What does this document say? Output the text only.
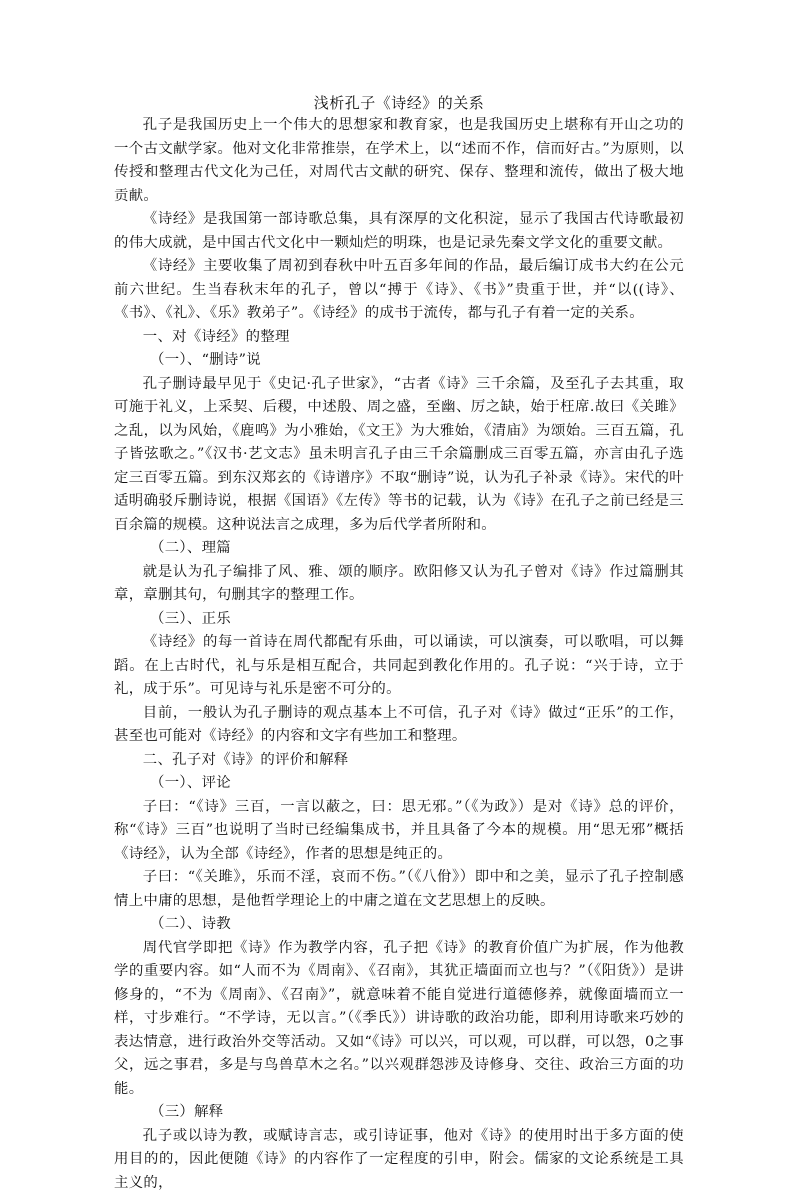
浅析孔子《诗经》的关系

孔子是我国历史上一个伟大的思想家和教育家，也是我国历史上堪称有开山之功的一个古文献学家。他对文化非常推崇，在学术上，以“述而不作，信而好古。”为原则，以传授和整理古代文化为己任，对周代古文献的研究、保存、整理和流传，做出了极大地贡献。

《诗经》是我国第一部诗歌总集，具有深厚的文化积淀，显示了我国古代诗歌最初的伟大成就，是中国古代文化中一颗灿烂的明珠，也是记录先秦文学文化的重要文献。

《诗经》主要收集了周初到春秋中叶五百多年间的作品，最后编订成书大约在公元前六世纪。生当春秋末年的孔子，曾以“搏于《诗》、《书》”贵重于世，并“以((诗》、《书》、《礼》、《乐》教弟子”。《诗经》的成书于流传，都与孔子有着一定的关系。

一、对《诗经》的整理

（一）、“删诗”说

孔子删诗最早见于《史记·孔子世家》，“古者《诗》三千余篇，及至孔子去其重，取可施于礼义，上采契、后稷，中述殷、周之盛，至幽、厉之缺，始于枉席.故曰《关雎》之乱，以为风始，《鹿鸣》为小雅始，《文王》为大雅始，《清庙》为颂始。三百五篇，孔子皆弦歌之。”《汉书·艺文志》虽未明言孔子由三千余篇删成三百零五篇，亦言由孔子选定三百零五篇。到东汉郑玄的《诗谱序》不取“删诗”说，认为孔子补录《诗》。宋代的叶适明确驳斥删诗说，根据《国语》《左传》等书的记载，认为《诗》在孔子之前已经是三百余篇的规模。这种说法言之成理，多为后代学者所附和。

（二）、理篇

就是认为孔子编排了风、雅、颂的顺序。欧阳修又认为孔子曾对《诗》作过篇删其章，章删其句，句删其字的整理工作。

（三）、正乐

《诗经》的每一首诗在周代都配有乐曲，可以诵读，可以演奏，可以歌唱，可以舞蹈。在上古时代，礼与乐是相互配合，共同起到教化作用的。孔子说：“兴于诗，立于礼，成于乐”。可见诗与礼乐是密不可分的。

目前，一般认为孔子删诗的观点基本上不可信，孔子对《诗》做过“正乐”的工作，甚至也可能对《诗经》的内容和文字有些加工和整理。

二、孔子对《诗》的评价和解释

（一）、评论

子曰：“《诗》三百，一言以蔽之，曰：思无邪。”（《为政》）是对《诗》总的评价，称“《诗》三百”也说明了当时已经编集成书，并且具备了今本的规模。用“思无邪”概括《诗经》，认为全部《诗经》，作者的思想是纯正的。

子曰：“《关雎》，乐而不淫，哀而不伤。”（《八佾》）即中和之美，显示了孔子控制感情上中庸的思想，是他哲学理论上的中庸之道在文艺思想上的反映。

（二）、诗教

周代官学即把《诗》作为教学内容，孔子把《诗》的教育价值广为扩展，作为他教学的重要内容。如“人而不为《周南》、《召南》，其犹正墙面而立也与？”（《阳货》）是讲修身的，“不为《周南》、《召南》”，就意味着不能自觉进行道德修养，就像面墙而立一样，寸步难行。“不学诗，无以言。”（《季氏》）讲诗歌的政治功能，即利用诗歌来巧妙的表达情意，进行政治外交等活动。又如“《诗》可以兴，可以观，可以群，可以怨，0之事父，远之事君，多是与鸟兽草木之名。”以兴观群怨涉及诗修身、交往、政治三方面的功能。

（三）解释

孔子或以诗为教，或赋诗言志，或引诗证事，他对《诗》的使用时出于多方面的使用目的的，因此便随《诗》的内容作了一定程度的引申，附会。儒家的文论系统是工具主义的，
